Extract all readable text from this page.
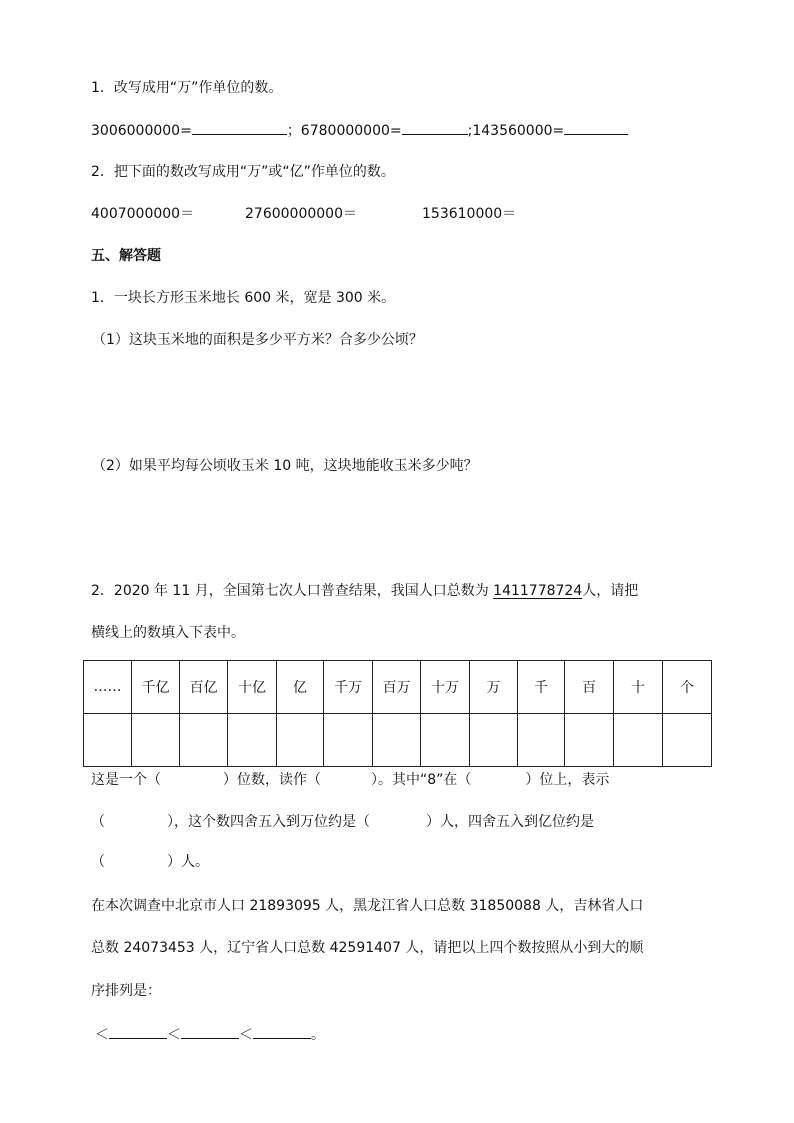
1．改写成用“万”作单位的数。
3006000000=	；6780000000=	;143560000=
2．把下面的数改写成用“万”或“亿”作单位的数。
4007000000＝	27600000000＝	153610000＝
五、解答题
1．一块长方形玉米地长 600 米，宽是 300 米。
（1）这块玉米地的面积是多少平方米？合多少公顷？
（2）如果平均每公顷收玉米 10 吨，这块地能收玉米多少吨？
2．2020 年 11 月，全国第七次人口普查结果，我国人口总数为 1411778724人，请把
横线上的数填入下表中。
……	千亿	百亿	十亿	亿	千万	百万	十万	万	千	百	十	个

这是一个（	）位数，读作（	）。其中“8”在（	）位上，表示
（	），这个数四舍五入到万位约是（	）人，四舍五入到亿位约是
（	）人。
在本次调查中北京市人口 21893095 人，黑龙江省人口总数 31850088 人，吉林省人口
总数 24073453 人，辽宁省人口总数 42591407 人，请把以上四个数按照从小到大的顺
序排列是：
＜	＜	＜	。
